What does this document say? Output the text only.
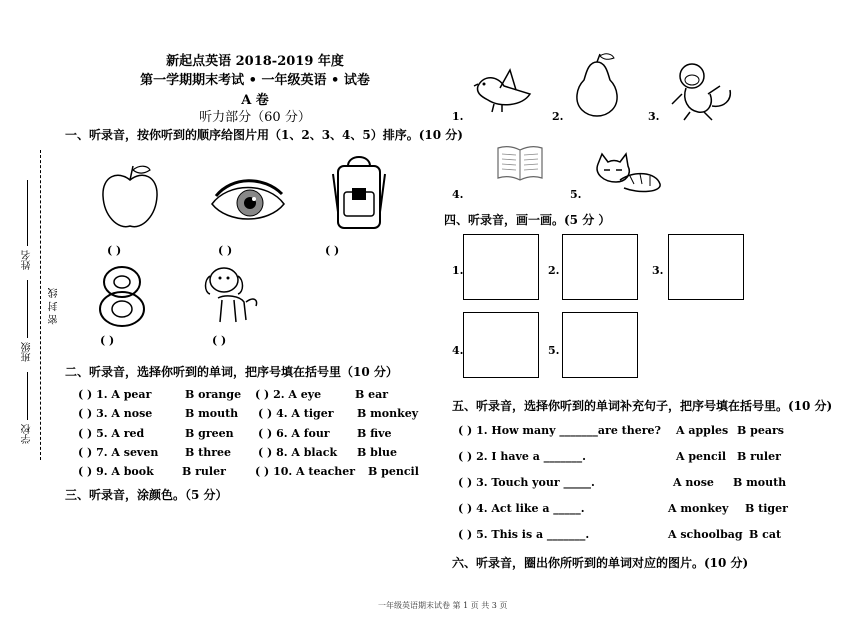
密 封 线
姓名
班级
学校
新起点英语 2018-2019 年度
第一学期期末考试 • 一年级英语 • 试卷
A 卷
听力部分（60 分）
一、听录音，按你听到的顺序给图片用（1、2、3、4、5）排序。(10 分)
( )	( )	( )
( )	( )
二、听录音，选择你听到的单词，把序号填在括号里（10 分）
( ) 1. A pear	B orange ( ) 2. A eye	B ear
( ) 3. A nose	B mouth ( ) 4. A tiger B monkey
( ) 5. A red	B green ( ) 6. A four B five
( ) 7. A seven B three ( ) 8. A black B blue
( ) 9. A book	B ruler	( ) 10. A teacher B pencil
三、听录音，涂颜色。（5 分）
1.	2.	3.
4.	5.
四、听录音，画一画。(5 分 ）
1.	2.	3.
4.	5.
五、听录音，选择你听到的单词补充句子，把序号填在括号里。(10 分)
( ) 1. How many _______are there? A apples B pears
( ) 2. I have a _______.	A pencil B ruler
( ) 3. Touch your _____.	A nose B mouth
( ) 4. Act like a _____.	A monkey B tiger
( ) 5. This is a _______.	A schoolbag B cat
六、听录音，圈出你所听到的单词对应的图片。(10 分)
一年级英语期末试卷 第 1 页 共 3 页
